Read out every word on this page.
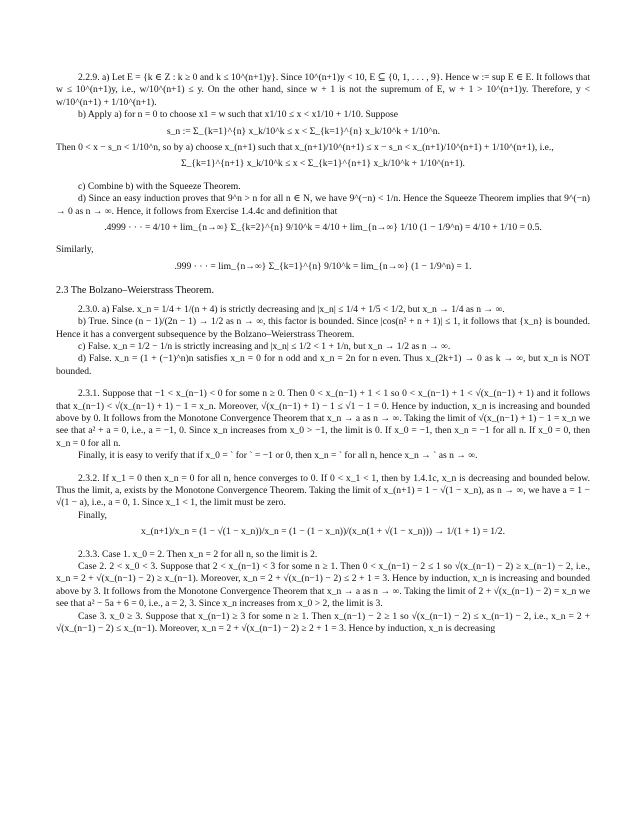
2.2.9. a) Let E = {k ∈ Z : k ≥ 0 and k ≤ 10^(n+1)y}. Since 10^(n+1)y < 10, E ⊆ {0, 1, . . . , 9}. Hence w := sup E ∈ E. It follows that w ≤ 10^(n+1)y, i.e., w/10^(n+1) ≤ y. On the other hand, since w + 1 is not the supremum of E, w + 1 > 10^(n+1)y. Therefore, y < w/10^(n+1) + 1/10^(n+1).

b) Apply a) for n = 0 to choose x1 = w such that x1/10 ≤ x < x1/10 + 1/10. Suppose

s_n := Σ_{k=1}^{n} x_k/10^k ≤ x < Σ_{k=1}^{n} x_k/10^k + 1/10^n.

Then 0 < x − s_n < 1/10^n, so by a) choose x_(n+1) such that x_(n+1)/10^(n+1) ≤ x − s_n < x_(n+1)/10^(n+1) + 1/10^(n+1), i.e.,

Σ_{k=1}^{n+1} x_k/10^k ≤ x < Σ_{k=1}^{n+1} x_k/10^k + 1/10^(n+1).

c) Combine b) with the Squeeze Theorem.

d) Since an easy induction proves that 9^n > n for all n ∈ N, we have 9^(−n) < 1/n. Hence the Squeeze Theorem implies that 9^(−n) → 0 as n → ∞. Hence, it follows from Exercise 1.4.4c and definition that

.4999 · · · = 4/10 + lim_{n→∞} Σ_{k=2}^{n} 9/10^k = 4/10 + lim_{n→∞} 1/10 (1 − 1/9^n) = 4/10 + 1/10 = 0.5.

Similarly,

.999 · · · = lim_{n→∞} Σ_{k=1}^{n} 9/10^k = lim_{n→∞} (1 − 1/9^n) = 1.

2.3 The Bolzano–Weierstrass Theorem.

2.3.0. a) False. x_n = 1/4 + 1/(n + 4) is strictly decreasing and |x_n| ≤ 1/4 + 1/5 < 1/2, but x_n → 1/4 as n → ∞.

b) True. Since (n − 1)/(2n − 1) → 1/2 as n → ∞, this factor is bounded. Since |cos(n² + n + 1)| ≤ 1, it follows that {x_n} is bounded. Hence it has a convergent subsequence by the Bolzano–Weierstrass Theorem.

c) False. x_n = 1/2 − 1/n is strictly increasing and |x_n| ≤ 1/2 < 1 + 1/n, but x_n → 1/2 as n → ∞.

d) False. x_n = (1 + (−1)^n)n satisfies x_n = 0 for n odd and x_n = 2n for n even. Thus x_(2k+1) → 0 as k → ∞, but x_n is NOT bounded.

2.3.1. Suppose that −1 < x_(n−1) < 0 for some n ≥ 0. Then 0 < x_(n−1) + 1 < 1 so 0 < x_(n−1) + 1 < √(x_(n−1) + 1) and it follows that x_(n−1) < √(x_(n−1) + 1) − 1 = x_n. Moreover, √(x_(n−1) + 1) − 1 ≤ √1 − 1 = 0. Hence by induction, x_n is increasing and bounded above by 0. It follows from the Monotone Convergence Theorem that x_n → a as n → ∞. Taking the limit of √(x_(n−1) + 1) − 1 = x_n we see that a² + a = 0, i.e., a = −1, 0. Since x_n increases from x_0 > −1, the limit is 0. If x_0 = −1, then x_n = −1 for all n. If x_0 = 0, then x_n = 0 for all n.

Finally, it is easy to verify that if x_0 = ` for ` = −1 or 0, then x_n = ` for all n, hence x_n → ` as n → ∞.

2.3.2. If x_1 = 0 then x_n = 0 for all n, hence converges to 0. If 0 < x_1 < 1, then by 1.4.1c, x_n is decreasing and bounded below. Thus the limit, a, exists by the Monotone Convergence Theorem. Taking the limit of x_(n+1) = 1 − √(1 − x_n), as n → ∞, we have a = 1 − √(1 − a), i.e., a = 0, 1. Since x_1 < 1, the limit must be zero.

Finally,

x_(n+1)/x_n = (1 − √(1 − x_n))/x_n = (1 − (1 − x_n))/(x_n(1 + √(1 − x_n))) → 1/(1 + 1) = 1/2.

2.3.3. Case 1. x_0 = 2. Then x_n = 2 for all n, so the limit is 2.

Case 2. 2 < x_0 < 3. Suppose that 2 < x_(n−1) < 3 for some n ≥ 1. Then 0 < x_(n−1) − 2 ≤ 1 so √(x_(n−1) − 2) ≥ x_(n−1) − 2, i.e., x_n = 2 + √(x_(n−1) − 2) ≥ x_(n−1). Moreover, x_n = 2 + √(x_(n−1) − 2) ≤ 2 + 1 = 3. Hence by induction, x_n is increasing and bounded above by 3. It follows from the Monotone Convergence Theorem that x_n → a as n → ∞. Taking the limit of 2 + √(x_(n−1) − 2) = x_n we see that a² − 5a + 6 = 0, i.e., a = 2, 3. Since x_n increases from x_0 > 2, the limit is 3.

Case 3. x_0 ≥ 3. Suppose that x_(n−1) ≥ 3 for some n ≥ 1. Then x_(n−1) − 2 ≥ 1 so √(x_(n−1) − 2) ≤ x_(n−1) − 2, i.e., x_n = 2 + √(x_(n−1) − 2) ≤ x_(n−1). Moreover, x_n = 2 + √(x_(n−1) − 2) ≥ 2 + 1 = 3. Hence by induction, x_n is decreasing
